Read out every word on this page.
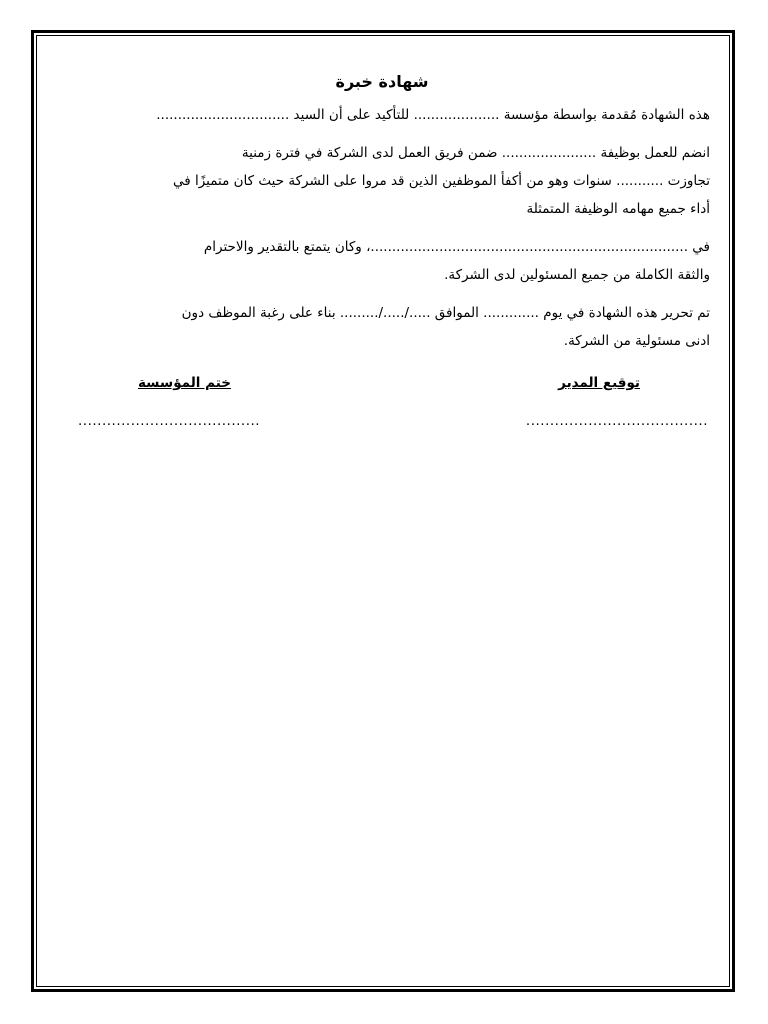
شهادة خبرة
هذه الشهادة مُقدمة بواسطة مؤسسة .................... للتأكيد على أن السيد ...............................
انضم للعمل بوظيفة ...................... ضمن فريق العمل لدى الشركة في فترة زمنية
تجاوزت ........... سنوات وهو من أكفأ الموظفين الذين قد مروا على الشركة حيث كان متميزًا في
أداء جميع مهامه الوظيفة المتمثلة
في ..........................................................................، وكان يتمتع بالتقدير والاحترام
والثقة الكاملة من جميع المسئولين لدى الشركة.
تم تحرير هذه الشهادة في يوم ............. الموافق ...../...../......... بناء على رغبة الموظف دون
ادنى مسئولية من الشركة.
توقيع المدير
ختم المؤسسة
......................................
......................................
